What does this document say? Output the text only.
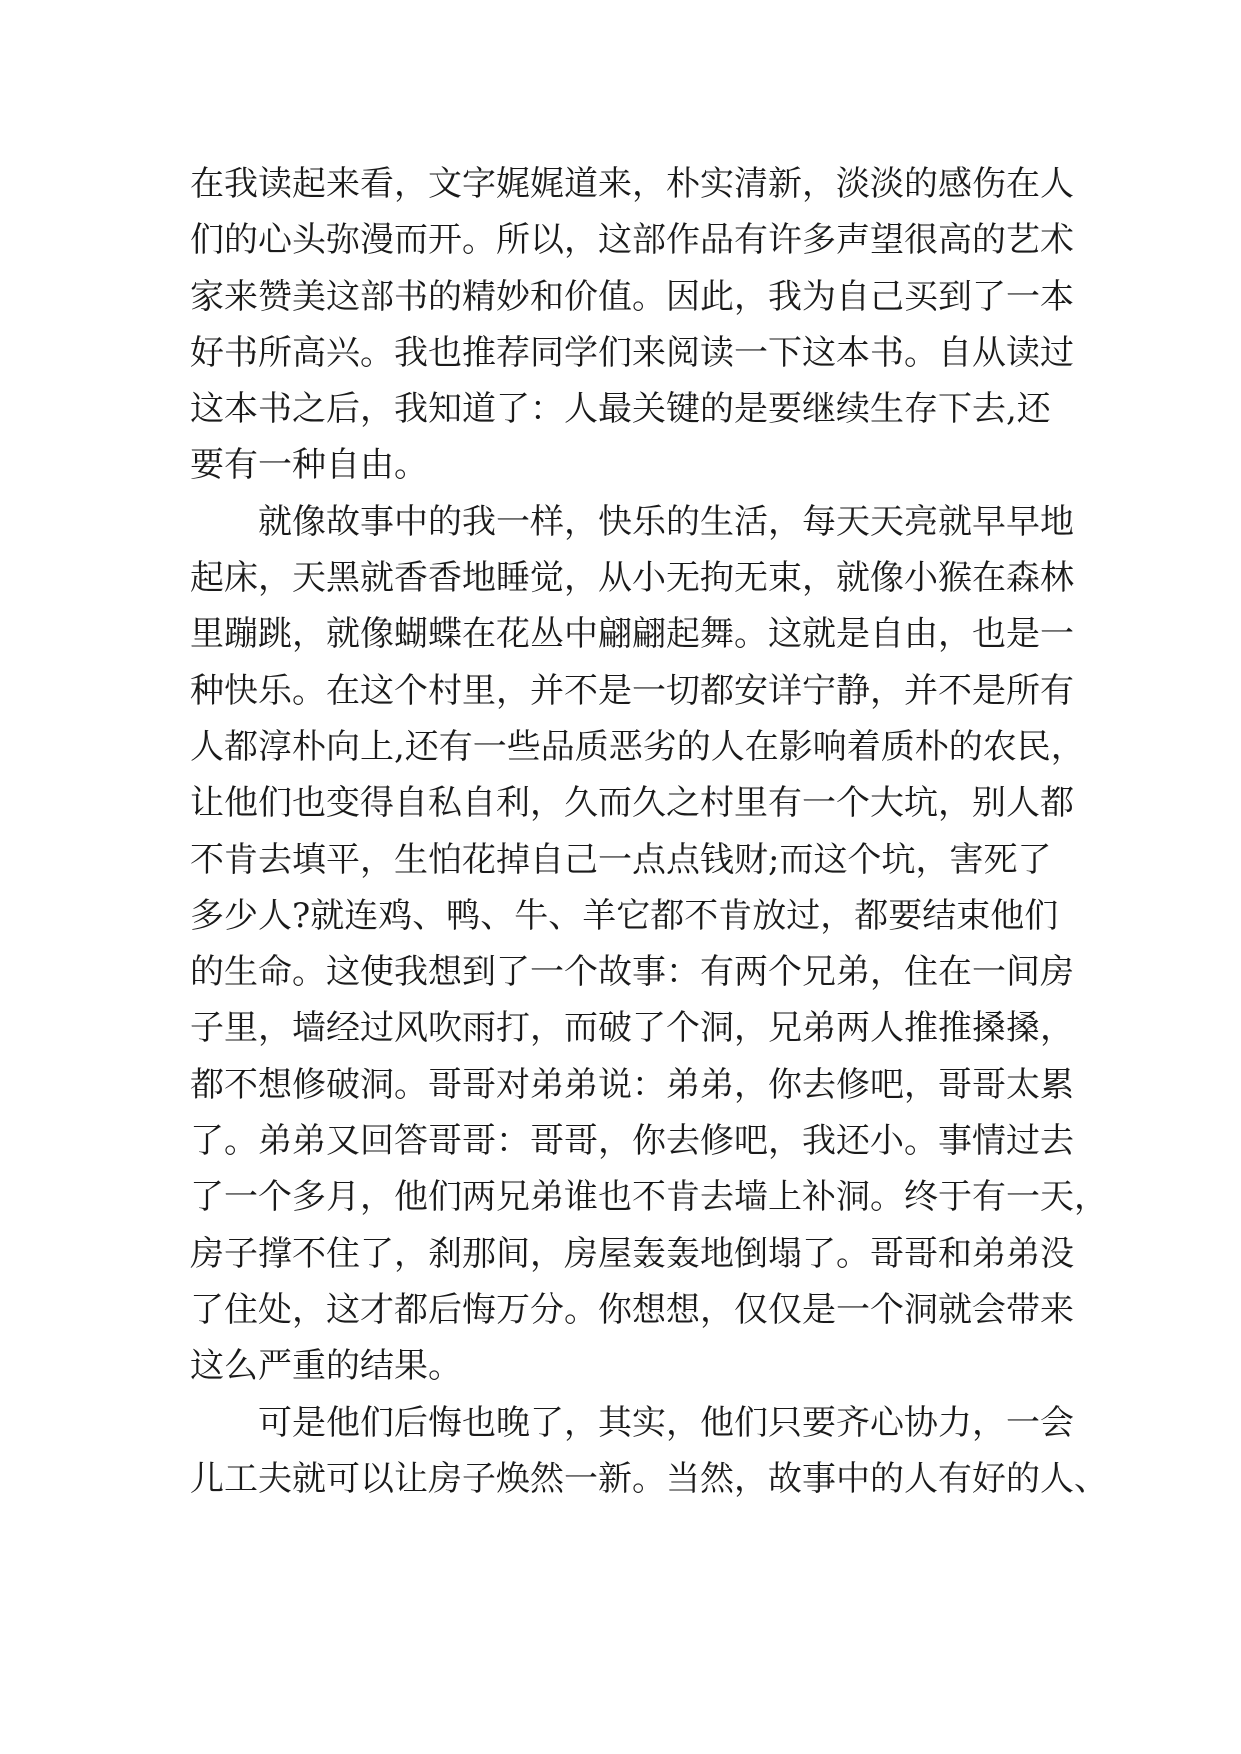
在我读起来看，文字娓娓道来，朴实清新，淡淡的感伤在人
们的心头弥漫而开。所以，这部作品有许多声望很高的艺术
家来赞美这部书的精妙和价值。因此，我为自己买到了一本
好书所高兴。我也推荐同学们来阅读一下这本书。自从读过
这本书之后，我知道了：人最关键的是要继续生存下去,还
要有一种自由。

　　就像故事中的我一样，快乐的生活，每天天亮就早早地
起床，天黑就香香地睡觉，从小无拘无束，就像小猴在森林
里蹦跳，就像蝴蝶在花丛中翩翩起舞。这就是自由，也是一
种快乐。在这个村里，并不是一切都安详宁静，并不是所有
人都淳朴向上,还有一些品质恶劣的人在影响着质朴的农民，
让他们也变得自私自利，久而久之村里有一个大坑，别人都
不肯去填平，生怕花掉自己一点点钱财;而这个坑，害死了
多少人?就连鸡、鸭、牛、羊它都不肯放过，都要结束他们
的生命。这使我想到了一个故事：有两个兄弟，住在一间房
子里，墙经过风吹雨打，而破了个洞，兄弟两人推推搡搡，
都不想修破洞。哥哥对弟弟说：弟弟，你去修吧，哥哥太累
了。弟弟又回答哥哥：哥哥，你去修吧，我还小。事情过去
了一个多月，他们两兄弟谁也不肯去墙上补洞。终于有一天，
房子撑不住了，刹那间，房屋轰轰地倒塌了。哥哥和弟弟没
了住处，这才都后悔万分。你想想，仅仅是一个洞就会带来
这么严重的结果。

　　可是他们后悔也晚了，其实，他们只要齐心协力，一会
儿工夫就可以让房子焕然一新。当然，故事中的人有好的人、
